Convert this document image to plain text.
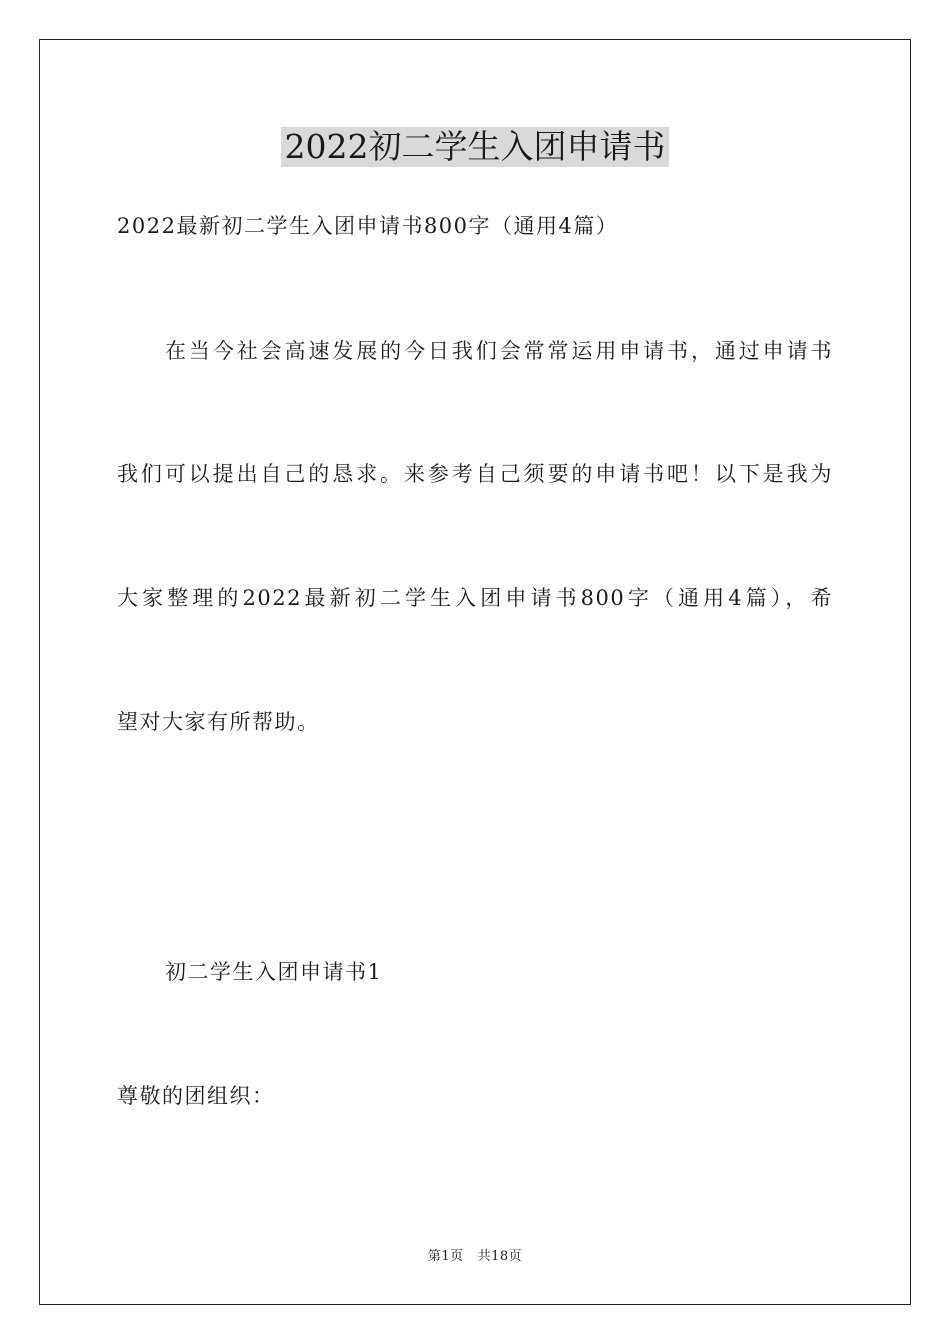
2022初二学生入团申请书
2022最新初二学生入团申请书800字（通用4篇）
在当今社会高速发展的今日我们会常常运用申请书，通过申请书
我们可以提出自己的恳求。来参考自己须要的申请书吧！以下是我为
大家整理的2022最新初二学生入团申请书800字（通用4篇），希
望对大家有所帮助。
初二学生入团申请书1
尊敬的团组织：
第1页 共18页
